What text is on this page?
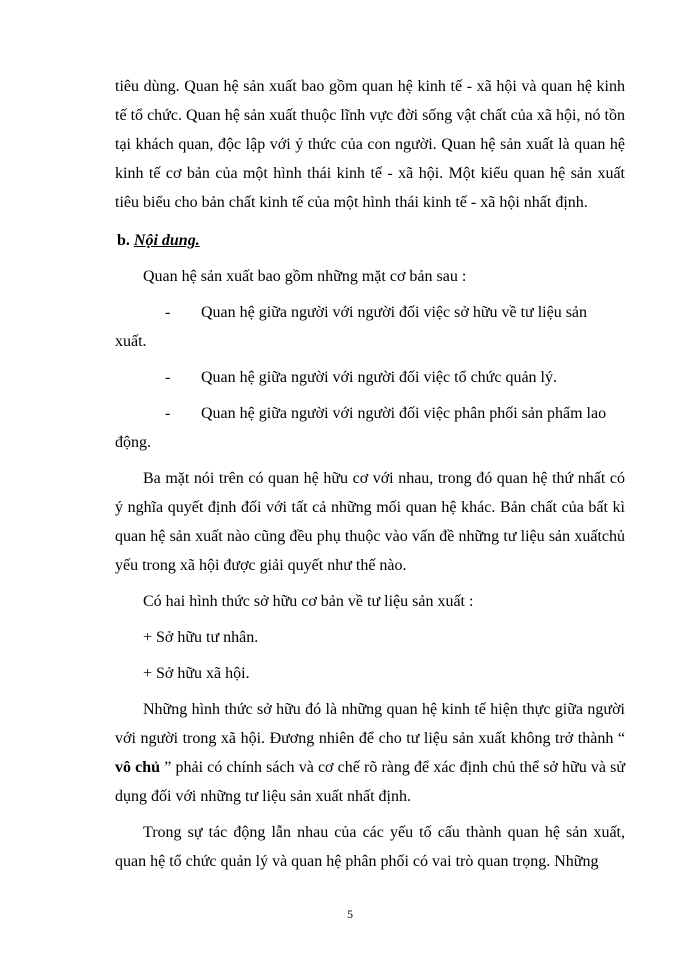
tiêu dùng. Quan hệ sản xuất bao gồm quan hệ kinh tế - xã hội và quan hệ kinh tế tổ chức. Quan hệ sản xuất thuộc lĩnh vực đời sống vật chất của xã hội, nó tồn tại khách quan, độc lập với ý thức của con người. Quan hệ sản xuất là quan hệ kinh tế cơ bản của một hình thái kinh tế - xã hội. Một kiểu quan hệ sản xuất tiêu biểu cho bản chất kinh tế của một hình thái kinh tế - xã hội nhất định.

b. Nội dung.

Quan hệ sản xuất bao gồm những mặt cơ bản sau :

- Quan hệ giữa người với người đối việc sở hữu về tư liệu sản
xuất.

- Quan hệ giữa người với người đối việc tổ chức quản lý.

- Quan hệ giữa người với người đối việc phân phối sản phẩm lao
động.

Ba mặt nói trên có quan hệ hữu cơ với nhau, trong đó quan hệ thứ nhất có ý nghĩa quyết định đối với tất cả những mối quan hệ khác. Bản chất của bất kì quan hệ sản xuất nào cũng đều phụ thuộc vào vấn đề những tư liệu sản xuấtchủ yếu trong xã hội được giải quyết như thế nào.

Có hai hình thức sở hữu cơ bản về tư liệu sản xuất :

+ Sở hữu tư nhân.

+ Sở hữu xã hội.

Những hình thức sở hữu đó là những quan hệ kinh tế hiện thực giữa người với người trong xã hội. Đương nhiên để cho tư liệu sản xuất không trở thành “ vô chủ ” phải có chính sách và cơ chế rõ ràng để xác định chủ thể sở hữu và sử dụng đối với những tư liệu sản xuất nhất định.

Trong sự tác động lẫn nhau của các yếu tố cấu thành quan hệ sản xuất, quan hệ tổ chức quản lý và quan hệ phân phối có vai trò quan trọng. Những

5
